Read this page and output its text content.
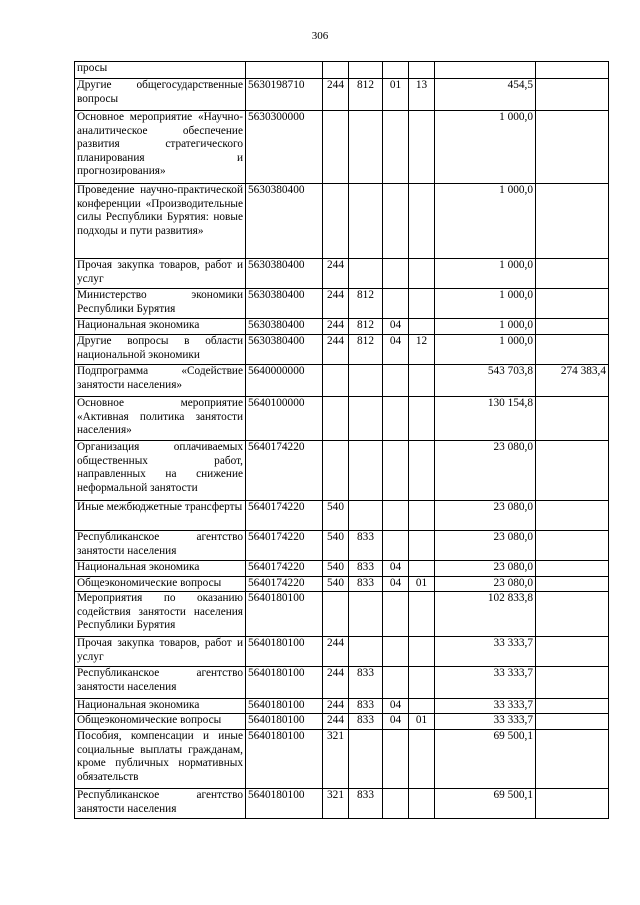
306
просы							
Другие общегосударственные вопросы	5630198710	244	812	01	13	454,5	
Основное мероприятие «Научно-аналитическое обеспечение развития стратегического планирования и прогнозирования»	5630300000					1 000,0	
Проведение научно-практической конференции «Производительные силы Республики Бурятия: новые подходы и пути развития»	5630380400					1 000,0	
Прочая закупка товаров, работ и услуг	5630380400	244				1 000,0	
Министерство экономики Республики Бурятия	5630380400	244	812			1 000,0	
Национальная экономика	5630380400	244	812	04		1 000,0	
Другие вопросы в области национальной экономики	5630380400	244	812	04	12	1 000,0	
Подпрограмма «Содействие занятости населения»	5640000000					543 703,8	274 383,4
Основное мероприятие «Активная политика занятости населения»	5640100000					130 154,8	
Организация оплачиваемых общественных работ, направленных на снижение неформальной занятости	5640174220					23 080,0	
Иные межбюджетные трансферты	5640174220	540				23 080,0	
Республиканское агентство занятости населения	5640174220	540	833			23 080,0	
Национальная экономика	5640174220	540	833	04		23 080,0	
Общеэкономические вопросы	5640174220	540	833	04	01	23 080,0	
Мероприятия по оказанию содействия занятости населения Республики Бурятия	5640180100					102 833,8	
Прочая закупка товаров, работ и услуг	5640180100	244				33 333,7	
Республиканское агентство занятости населения	5640180100	244	833			33 333,7	
Национальная экономика	5640180100	244	833	04		33 333,7	
Общеэкономические вопросы	5640180100	244	833	04	01	33 333,7	
Пособия, компенсации и иные социальные выплаты гражданам, кроме публичных нормативных обязательств	5640180100	321				69 500,1	
Республиканское агентство занятости населения	5640180100	321	833			69 500,1	
